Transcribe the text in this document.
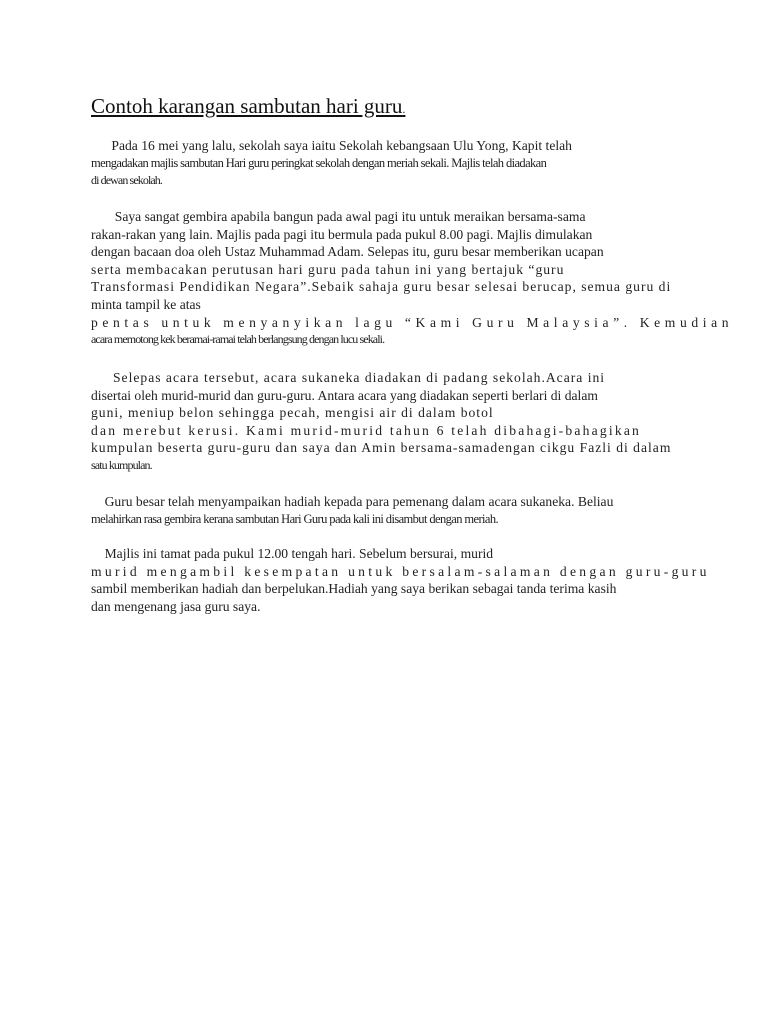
Contoh karangan sambutan hari guru.

Pada 16 mei yang lalu, sekolah saya iaitu Sekolah kebangsaan Ulu Yong, Kapit telah
mengadakan majlis sambutan Hari guru peringkat sekolah dengan meriah sekali. Majlis telah diadakan
di dewan sekolah.

Saya sangat gembira apabila bangun pada awal pagi itu untuk meraikan bersama-sama
rakan-rakan yang lain. Majlis pada pagi itu bermula pada pukul 8.00 pagi. Majlis dimulakan
dengan bacaan doa oleh Ustaz Muhammad Adam. Selepas itu, guru besar memberikan ucapan
serta membacakan perutusan hari guru pada tahun ini yang bertajuk “guru
Transformasi Pendidikan Negara”.Sebaik sahaja guru besar selesai berucap, semua guru di
minta tampil ke atas
pentas untuk menyanyikan lagu “Kami Guru Malaysia”. Kemudian
acara memotong kek beramai-ramai telah berlangsung dengan lucu sekali.

Selepas acara tersebut, acara sukaneka diadakan di padang sekolah.Acara ini
disertai oleh murid-murid dan guru-guru. Antara acara yang diadakan seperti berlari di dalam
guni, meniup belon sehingga pecah, mengisi air di dalam botol
dan merebut kerusi. Kami murid-murid tahun 6 telah dibahagi-bahagikan
kumpulan beserta guru-guru dan saya dan Amin bersama-samadengan cikgu Fazli di dalam
satu kumpulan.

Guru besar telah menyampaikan hadiah kepada para pemenang dalam acara sukaneka. Beliau
melahirkan rasa gembira kerana sambutan Hari Guru pada kali ini disambut dengan meriah.

Majlis ini tamat pada pukul 12.00 tengah hari. Sebelum bersurai, murid
murid mengambil kesempatan untuk bersalam-salaman dengan guru-guru
sambil memberikan hadiah dan berpelukan.Hadiah yang saya berikan sebagai tanda terima kasih
dan mengenang jasa guru saya.
